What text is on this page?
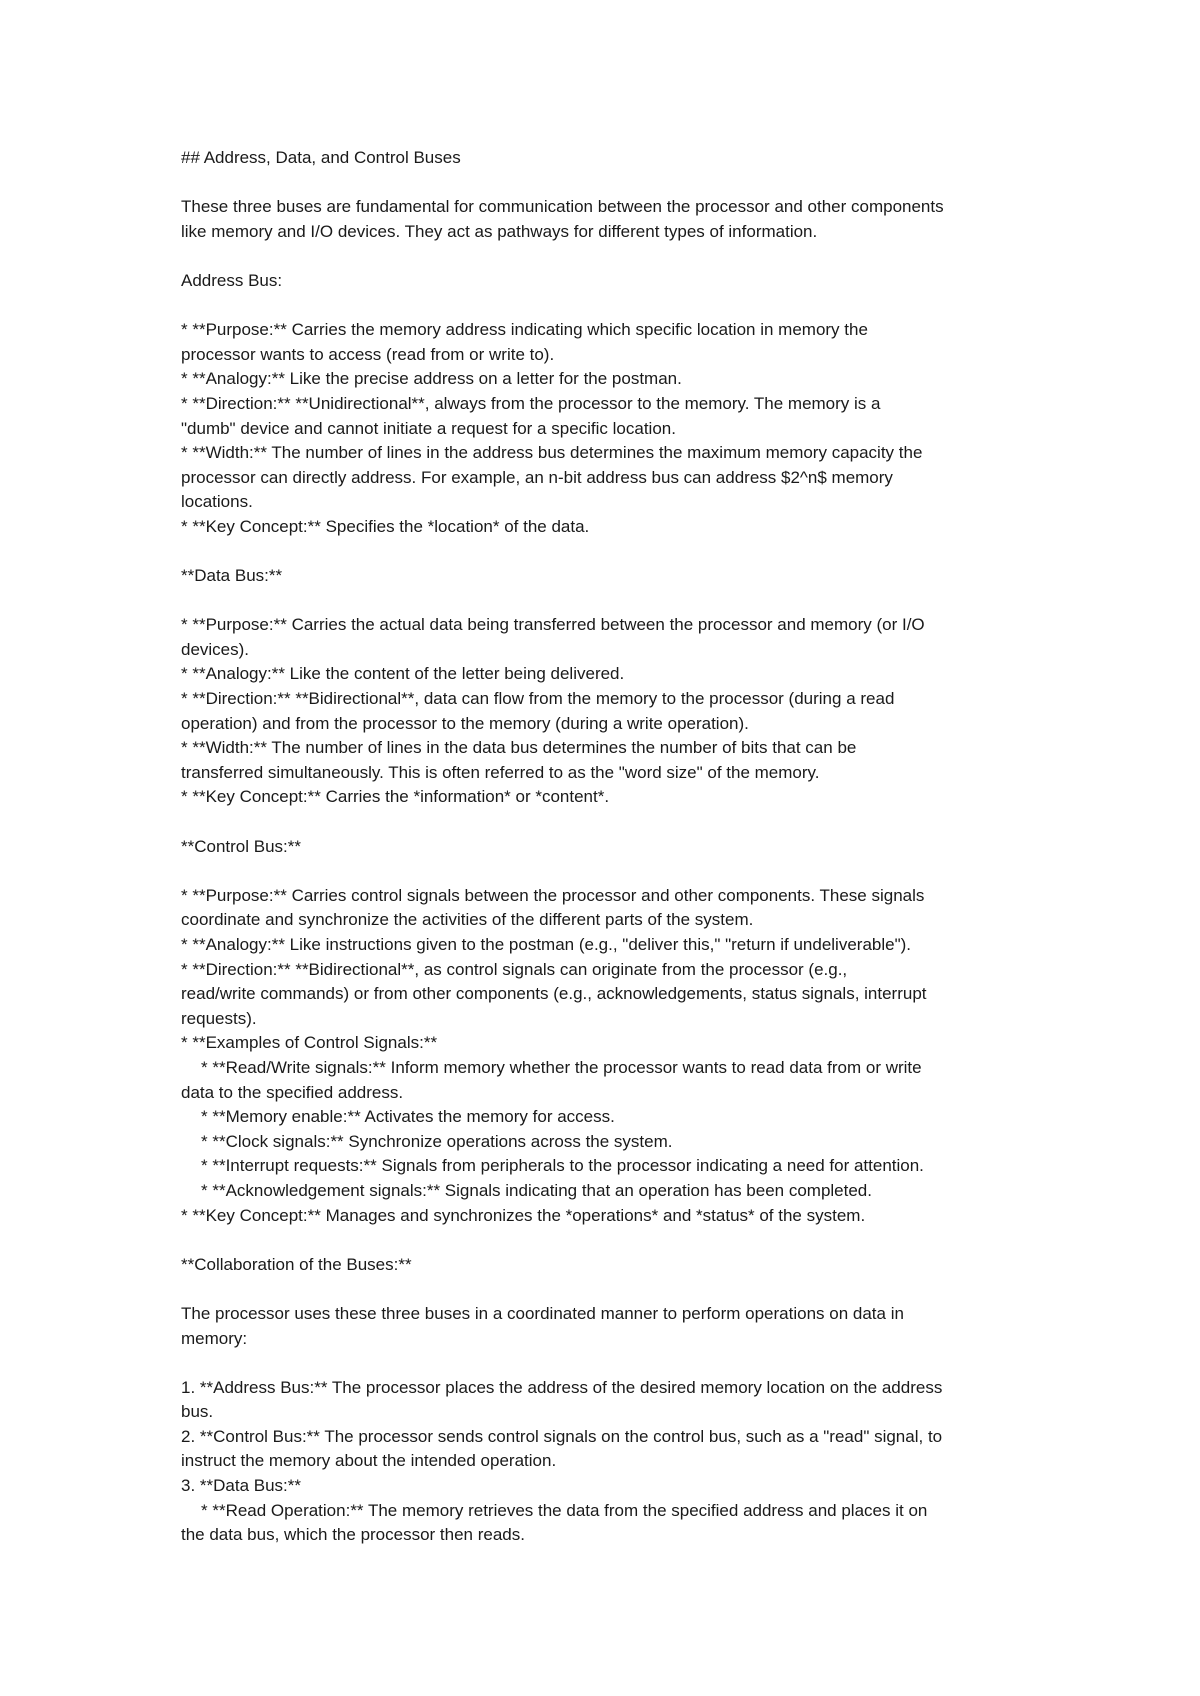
## Address, Data, and Control Buses
These three buses are fundamental for communication between the processor and other components
like memory and I/O devices. They act as pathways for different types of information.
Address Bus:
* **Purpose:** Carries the memory address indicating which specific location in memory the
processor wants to access (read from or write to).
* **Analogy:** Like the precise address on a letter for the postman.
* **Direction:** **Unidirectional**, always from the processor to the memory. The memory is a
"dumb" device and cannot initiate a request for a specific location.
* **Width:** The number of lines in the address bus determines the maximum memory capacity the
processor can directly address. For example, an n-bit address bus can address $2^n$ memory
locations.
* **Key Concept:** Specifies the *location* of the data.
**Data Bus:**
* **Purpose:** Carries the actual data being transferred between the processor and memory (or I/O
devices).
* **Analogy:** Like the content of the letter being delivered.
* **Direction:** **Bidirectional**, data can flow from the memory to the processor (during a read
operation) and from the processor to the memory (during a write operation).
* **Width:** The number of lines in the data bus determines the number of bits that can be
transferred simultaneously. This is often referred to as the "word size" of the memory.
* **Key Concept:** Carries the *information* or *content*.
**Control Bus:**
* **Purpose:** Carries control signals between the processor and other components. These signals
coordinate and synchronize the activities of the different parts of the system.
* **Analogy:** Like instructions given to the postman (e.g., "deliver this," "return if undeliverable").
* **Direction:** **Bidirectional**, as control signals can originate from the processor (e.g.,
read/write commands) or from other components (e.g., acknowledgements, status signals, interrupt
requests).
* **Examples of Control Signals:**
* **Read/Write signals:** Inform memory whether the processor wants to read data from or write
data to the specified address.
* **Memory enable:** Activates the memory for access.
* **Clock signals:** Synchronize operations across the system.
* **Interrupt requests:** Signals from peripherals to the processor indicating a need for attention.
* **Acknowledgement signals:** Signals indicating that an operation has been completed.
* **Key Concept:** Manages and synchronizes the *operations* and *status* of the system.
**Collaboration of the Buses:**
The processor uses these three buses in a coordinated manner to perform operations on data in
memory:
1. **Address Bus:** The processor places the address of the desired memory location on the address
bus.
2. **Control Bus:** The processor sends control signals on the control bus, such as a "read" signal, to
instruct the memory about the intended operation.
3. **Data Bus:**
* **Read Operation:** The memory retrieves the data from the specified address and places it on
the data bus, which the processor then reads.
